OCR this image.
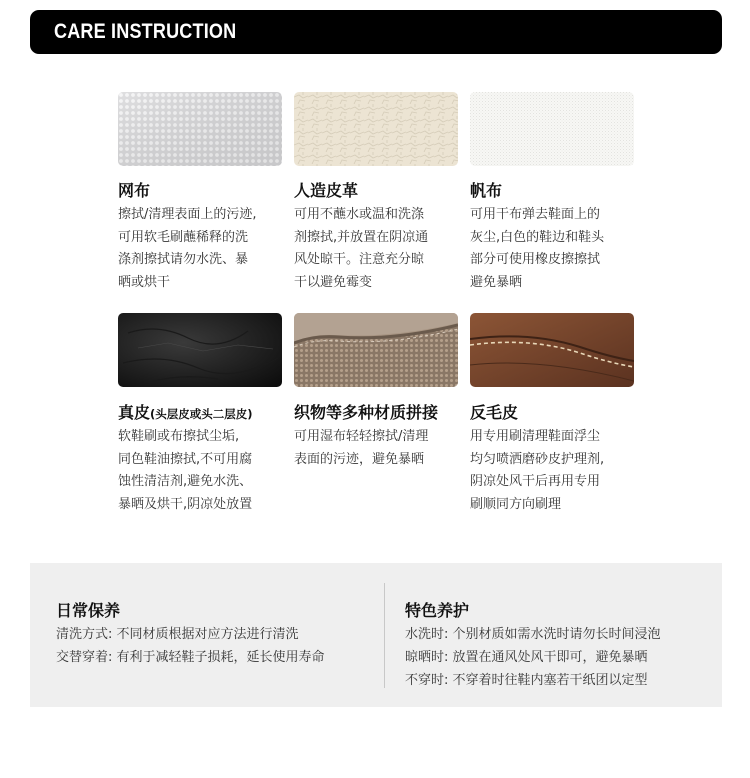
CARE INSTRUCTION
网布
擦拭/清理表面上的污迹,
可用软毛刷蘸稀释的洗
涤剂擦拭请勿水洗、暴
晒或烘干
人造皮革
可用不蘸水或温和洗涤
剂擦拭,并放置在阴凉通
风处晾干。注意充分晾
干以避免霉变
帆布
可用干布弹去鞋面上的
灰尘,白色的鞋边和鞋头
部分可使用橡皮擦擦拭
避免暴晒
真皮(头层皮或头二层皮)
软鞋刷或布擦拭尘垢,
同色鞋油擦拭,不可用腐
蚀性清洁剂,避免水洗、
暴晒及烘干,阴凉处放置
织物等多种材质拼接
可用湿布轻轻擦拭/清理
表面的污迹，避免暴晒
反毛皮
用专用刷清理鞋面浮尘
均匀喷洒磨砂皮护理剂,
阴凉处风干后再用专用
刷顺同方向刷理
日常保养
清洗方式: 不同材质根据对应方法进行清洗
交替穿着: 有利于减轻鞋子损耗，延长使用寿命
特色养护
水洗时: 个别材质如需水洗时请勿长时间浸泡
晾晒时: 放置在通风处风干即可，避免暴晒
不穿时: 不穿着时往鞋内塞若干纸团以定型
